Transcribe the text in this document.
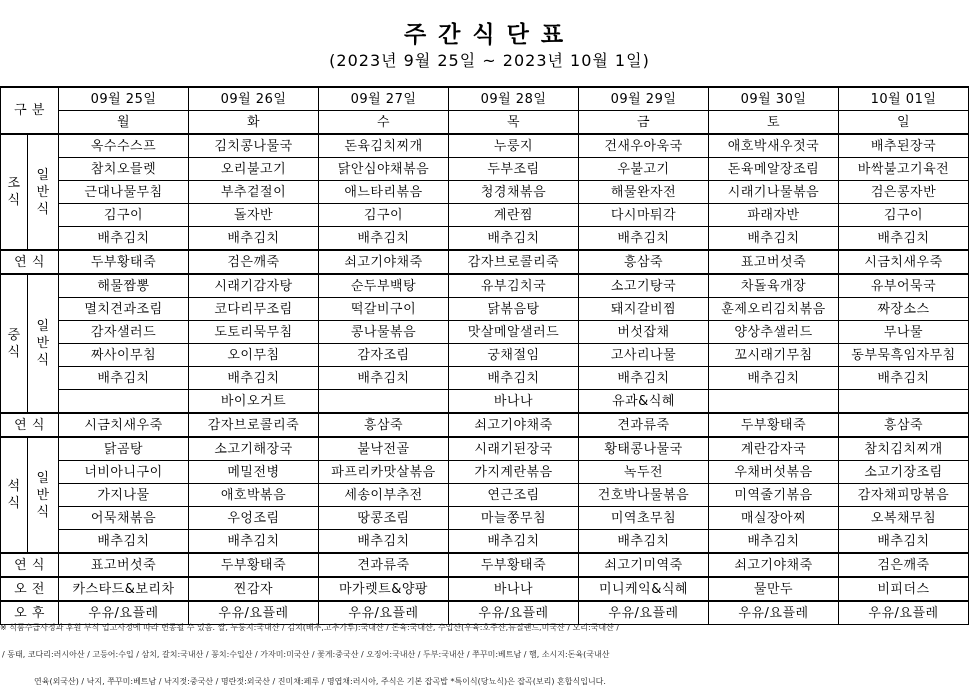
주간식단표
(2023년 9월 25일 ~ 2023년 10월 1일)
구 분		09월 25일	09월 26일	09월 27일	09월 28일	09월 29일	09월 30일	10월 01일
		월	화	수	목	금	토	일

조
식	일
반
식	옥수수스프	김치콩나물국	돈육김치찌개	누룽지	건새우아욱국	애호박새우젓국	배추된장국
		참치오믈렛	오리불고기	닭안심야채볶음	두부조림	우불고기	돈육메알장조림	바싹불고기육전
		근대나물무침	부추겉절이	애느타리볶음	청경채볶음	해물완자전	시래기나물볶음	검은콩자반
		김구이	돌자반	김구이	계란찜	다시마튀각	파래자반	김구이
		배추김치	배추김치	배추김치	배추김치	배추김치	배추김치	배추김치
연 식		두부황태죽	검은깨죽	쇠고기야채죽	감자브로콜리죽	흥삼죽	표고버섯죽	시금치새우죽

중
식	일
반
식	해물짬뽕	시래기감자탕	순두부백탕	유부김치국	소고기탕국	차돌육개장	유부어묵국
		멸치견과조림	코다리무조림	떡갈비구이	닭볶음탕	돼지갈비찜	훈제오리김치볶음	짜장소스
		감자샐러드	도토리묵무침	콩나물볶음	맛살메알샐러드	버섯잡채	양상추샐러드	무나물
		짜사이무침	오이무침	감자조림	궁채절임	고사리나물	꼬시래기무침	동부묵흑임자무침
		배추김치	배추김치	배추김치	배추김치	배추김치	배추김치	배추김치
			바이오거트		바나나	유과&식혜		
연 식		시금치새우죽	감자브로콜리죽	흥삼죽	쇠고기야채죽	견과류죽	두부황태죽	흥삼죽

석
식	일
반
식	닭곰탕	소고기해장국	불낙전골	시래기된장국	황태콩나물국	계란감자국	참치김치찌개
		너비아니구이	메밀전병	파프리카맛살볶음	가지계란볶음	녹두전	우채버섯볶음	소고기장조림
		가지나물	애호박볶음	세송이부추전	연근조림	건호박나물볶음	미역줄기볶음	감자채피망볶음
		어묵채볶음	우엉조림	땅콩조림	마늘쫑무침	미역초무침	매실장아찌	오복채무침
		배추김치	배추김치	배추김치	배추김치	배추김치	배추김치	배추김치
연 식		표고버섯죽	두부황태죽	견과류죽	두부황태죽	쇠고기미역죽	쇠고기야채죽	검은깨죽
오 전		카스타드&보리차	찐감자	마가렛트&양팡	바나나	미니케익&식혜	물만두	비피더스
오 후		우유/요플레	우유/요플레	우유/요플레	우유/요플레	우유/요플레	우유/요플레	우유/요플레
※ 식품수급사정과 후원 부식 입고사정에 따라 변동될 수 있음. 쌀, 누룽지:국내산 / 김치(배추,고추가루):국내산 / 돈육:국내산, 수입산(우육:호주산,뉴질랜드,미국산 / 오리:국내산 /
/ 동태, 코다리:러시아산 / 고등어:수입 / 삼치, 갈치:국내산 / 꽁치:수입산 / 가자미:미국산 / 꽃게:중국산 / 오징어:국내산 / 두부:국내산 / 쭈꾸미:베트남 / 햄, 소시지:돈육(국내산
연육(외국산) / 낙지, 쭈꾸미:베트남 / 낙지젓:중국산 / 명란젓:외국산 / 진미채:페루 / 명엽채:러시아, 주식은 기본 잡곡밥 *특이식(당뇨식)은 잡곡(보리) 혼합식입니다.
